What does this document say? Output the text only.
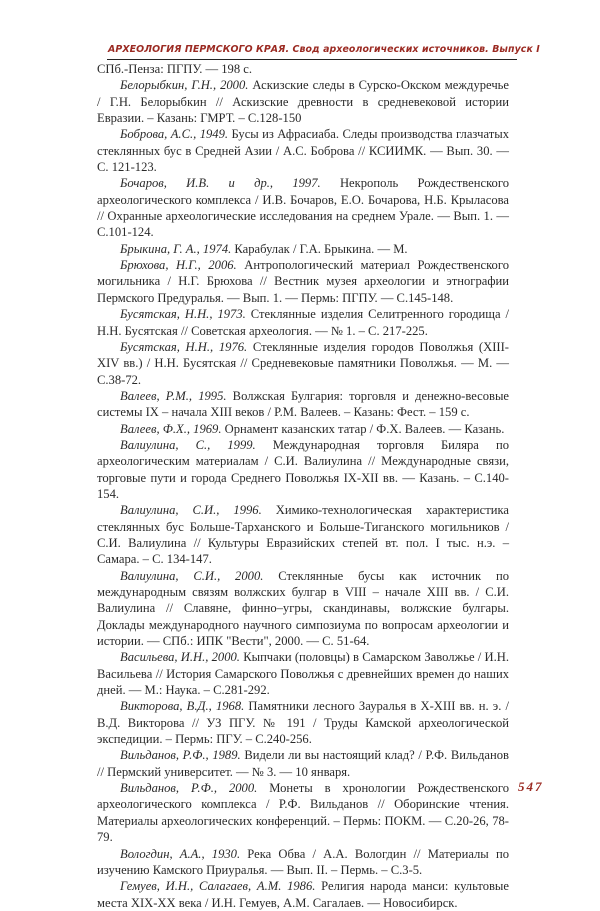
АРХЕОЛОГИЯ ПЕРМСКОГО КРАЯ. Свод археологических источников. Выпуск I

СПб.-Пенза: ПГПУ. — 198 с.

Белорыбкин, Г.Н., 2000. Аскизские следы в Сурско-Окском междуречье / Г.Н. Белорыбкин // Аскизские древности в средневековой истории Евразии. – Казань: ГМРТ. – С.128-150

Боброва, А.С., 1949. Бусы из Афрасиаба. Следы производства глазчатых стеклянных бус в Средней Азии / А.С. Боброва // КСИИМК. — Вып. 30. — С. 121-123.

Бочаров, И.В. и др., 1997. Некрополь Рождественского археологического комплекса / И.В. Бочаров, Е.О. Бочарова, Н.Б. Крыласова // Охранные археологические исследования на среднем Урале. — Вып. 1. — С.101-124.

Брыкина, Г. А., 1974. Карабулак / Г.А. Брыкина. — М.

Брюхова, Н.Г., 2006. Антропологический материал Рождественского могильника / Н.Г. Брюхова // Вестник музея археологии и этнографии Пермского Предуралья. — Вып. 1. — Пермь: ПГПУ. — С.145-148.

Бусятская, Н.Н., 1973. Стеклянные изделия Селитренного городища / Н.Н. Бусятская // Советская археология. — № 1. – С. 217-225.

Бусятская, Н.Н., 1976. Стеклянные изделия городов Поволжья (XIII-XIV вв.) / Н.Н. Бусятская // Средневековые памятники Поволжья. — М. — С.38-72.

Валеев, Р.М., 1995. Волжская Булгария: торговля и денежно-весовые системы IX – начала XIII веков / Р.М. Валеев. – Казань: Фест. – 159 с.

Валеев, Ф.Х., 1969. Орнамент казанских татар / Ф.Х. Валеев. — Казань.

Валиулина, С., 1999. Международная торговля Биляра по археологическим материалам / С.И. Валиулина // Международные связи, торговые пути и города Среднего Поволжья IX-XII вв. — Казань. – С.140-154.

Валиулина, С.И., 1996. Химико-технологическая характеристика стеклянных бус Больше-Тарханского и Больше-Тиганского могильников / С.И. Валиулина // Культуры Евразийских степей вт. пол. I тыс. н.э. – Самара. – С. 134-147.

Валиулина, С.И., 2000. Стеклянные бусы как источник по международным связям волжских булгар в VIII – начале XIII вв. / С.И. Валиулина // Славяне, финно–угры, скандинавы, волжские булгары. Доклады международного научного симпозиума по вопросам археологии и истории. — СПб.: ИПК "Вести", 2000. — С. 51-64.

Васильева, И.Н., 2000. Кыпчаки (половцы) в Самарском Заволжье / И.Н. Васильева // История Самарского Поволжья с древнейших времен до наших дней. — М.: Наука. – С.281-292.

Викторова, В.Д., 1968. Памятники лесного Зауралья в X-XIII вв. н. э. / В.Д. Викторова // УЗ ПГУ. № 191 / Труды Камской археологической экспедиции. – Пермь: ПГУ. – С.240-256.

Вильданов, Р.Ф., 1989. Видели ли вы настоящий клад? / Р.Ф. Вильданов // Пермский университет. — № 3. — 10 января.

Вильданов, Р.Ф., 2000. Монеты в хронологии Рождественского археологического комплекса / Р.Ф. Вильданов // Оборинские чтения. Материалы археологических конференций. – Пермь: ПОКМ. — С.20-26, 78-79.

Вологдин, А.А., 1930. Река Обва / А.А. Вологдин // Материалы по изучению Камского Приуралья. — Вып. II. – Пермь. – С.3-5.

Гемуев, И.Н., Салагаев, А.М. 1986. Религия народа манси: культовые места XIX-XX века / И.Н. Гемуев, А.М. Сагалаев. — Новосибирск.

547
